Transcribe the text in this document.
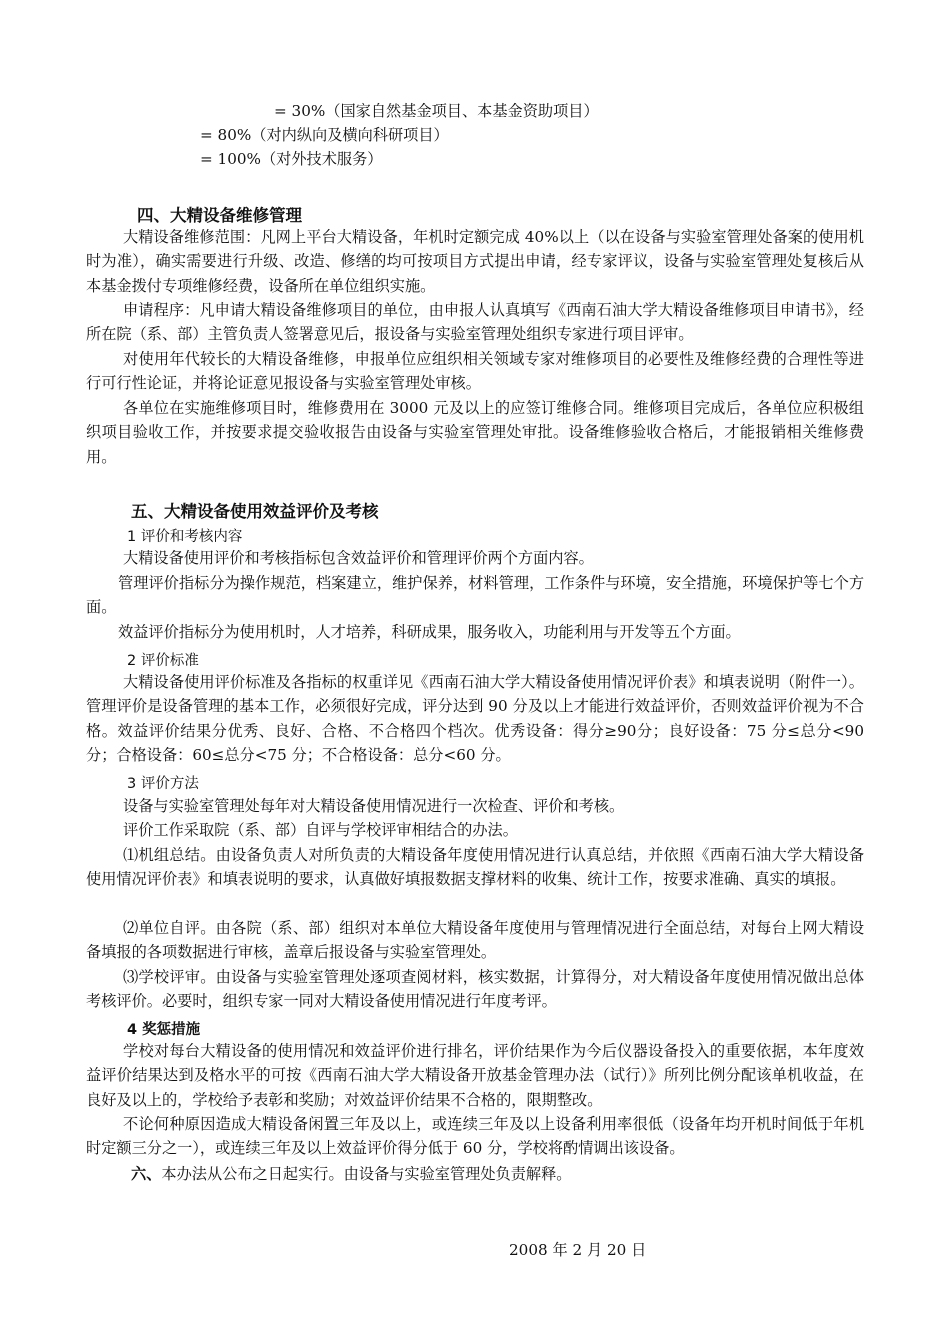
= 30%（国家自然基金项目、本基金资助项目）
= 80%（对内纵向及横向科研项目）
= 100%（对外技术服务）
四、大精设备维修管理
大精设备维修范围：凡网上平台大精设备，年机时定额完成 40%以上（以在设备与实验室管理处备案的使用机时为准），确实需要进行升级、改造、修缮的均可按项目方式提出申请，经专家评议，设备与实验室管理处复核后从本基金拨付专项维修经费，设备所在单位组织实施。
申请程序：凡申请大精设备维修项目的单位，由申报人认真填写《西南石油大学大精设备维修项目申请书》，经所在院（系、部）主管负责人签署意见后，报设备与实验室管理处组织专家进行项目评审。
对使用年代较长的大精设备维修，申报单位应组织相关领域专家对维修项目的必要性及维修经费的合理性等进行可行性论证，并将论证意见报设备与实验室管理处审核。
各单位在实施维修项目时，维修费用在 3000 元及以上的应签订维修合同。维修项目完成后，各单位应积极组织项目验收工作，并按要求提交验收报告由设备与实验室管理处审批。设备维修验收合格后，才能报销相关维修费用。
五、大精设备使用效益评价及考核
1 评价和考核内容
大精设备使用评价和考核指标包含效益评价和管理评价两个方面内容。
管理评价指标分为操作规范，档案建立，维护保养，材料管理，工作条件与环境，安全措施，环境保护等七个方面。
效益评价指标分为使用机时，人才培养，科研成果，服务收入，功能利用与开发等五个方面。
2 评价标准
大精设备使用评价标准及各指标的权重详见《西南石油大学大精设备使用情况评价表》和填表说明（附件一）。管理评价是设备管理的基本工作，必须很好完成，评分达到 90 分及以上才能进行效益评价，否则效益评价视为不合格。效益评价结果分优秀、良好、合格、不合格四个档次。优秀设备：得分≥90分；良好设备：75 分≤总分<90 分；合格设备：60≤总分<75 分；不合格设备：总分<60 分。
3 评价方法
设备与实验室管理处每年对大精设备使用情况进行一次检查、评价和考核。
评价工作采取院（系、部）自评与学校评审相结合的办法。
⑴机组总结。由设备负责人对所负责的大精设备年度使用情况进行认真总结，并依照《西南石油大学大精设备使用情况评价表》和填表说明的要求，认真做好填报数据支撑材料的收集、统计工作，按要求准确、真实的填报。
⑵单位自评。由各院（系、部）组织对本单位大精设备年度使用与管理情况进行全面总结，对每台上网大精设备填报的各项数据进行审核，盖章后报设备与实验室管理处。
⑶学校评审。由设备与实验室管理处逐项查阅材料，核实数据，计算得分，对大精设备年度使用情况做出总体考核评价。必要时，组织专家一同对大精设备使用情况进行年度考评。
4 奖惩措施
学校对每台大精设备的使用情况和效益评价进行排名，评价结果作为今后仪器设备投入的重要依据，本年度效益评价结果达到及格水平的可按《西南石油大学大精设备开放基金管理办法（试行）》所列比例分配该单机收益，在良好及以上的，学校给予表彰和奖励；对效益评价结果不合格的，限期整改。
不论何种原因造成大精设备闲置三年及以上，或连续三年及以上设备利用率很低（设备年均开机时间低于年机时定额三分之一），或连续三年及以上效益评价得分低于 60 分，学校将酌情调出该设备。
六、本办法从公布之日起实行。由设备与实验室管理处负责解释。
2008 年 2 月 20 日
